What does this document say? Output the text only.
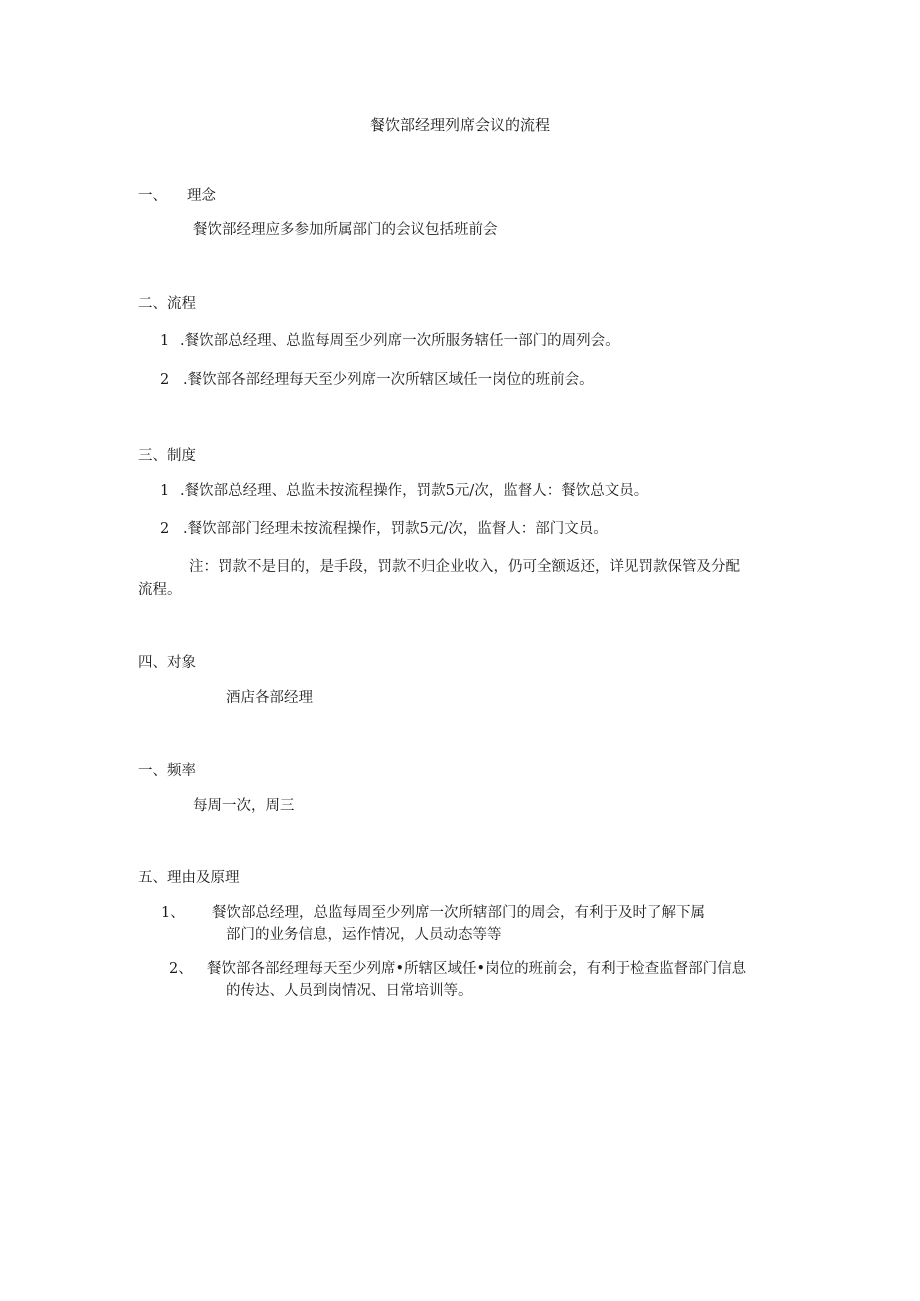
餐饮部经理列席会议的流程

一、 理念

餐饮部经理应多参加所属部门的会议包括班前会

二、流程

1 .餐饮部总经理、总监每周至少列席一次所服务辖任一部门的周列会。
2 .餐饮部各部经理每天至少列席一次所辖区域任一岗位的班前会。

三、制度

1 .餐饮部总经理、总监未按流程操作，罚款5元/次，监督人：餐饮总文员。
2 .餐饮部部门经理未按流程操作，罚款5元/次，监督人：部门文员。

注：罚款不是目的，是手段，罚款不归企业收入，仍可全额返还，详见罚款保管及分配

流程。

四、对象

酒店各部经理

一、频率

每周一次，周三

五、理由及原理

1、 餐饮部总经理，总监每周至少列席一次所辖部门的周会，有利于及时了解下属
部门的业务信息，运作情况，人员动态等等
2、 餐饮部各部经理每天至少列席•所辖区域任•岗位的班前会，有利于检查监督部门信息
的传达、人员到岗情况、日常培训等。
